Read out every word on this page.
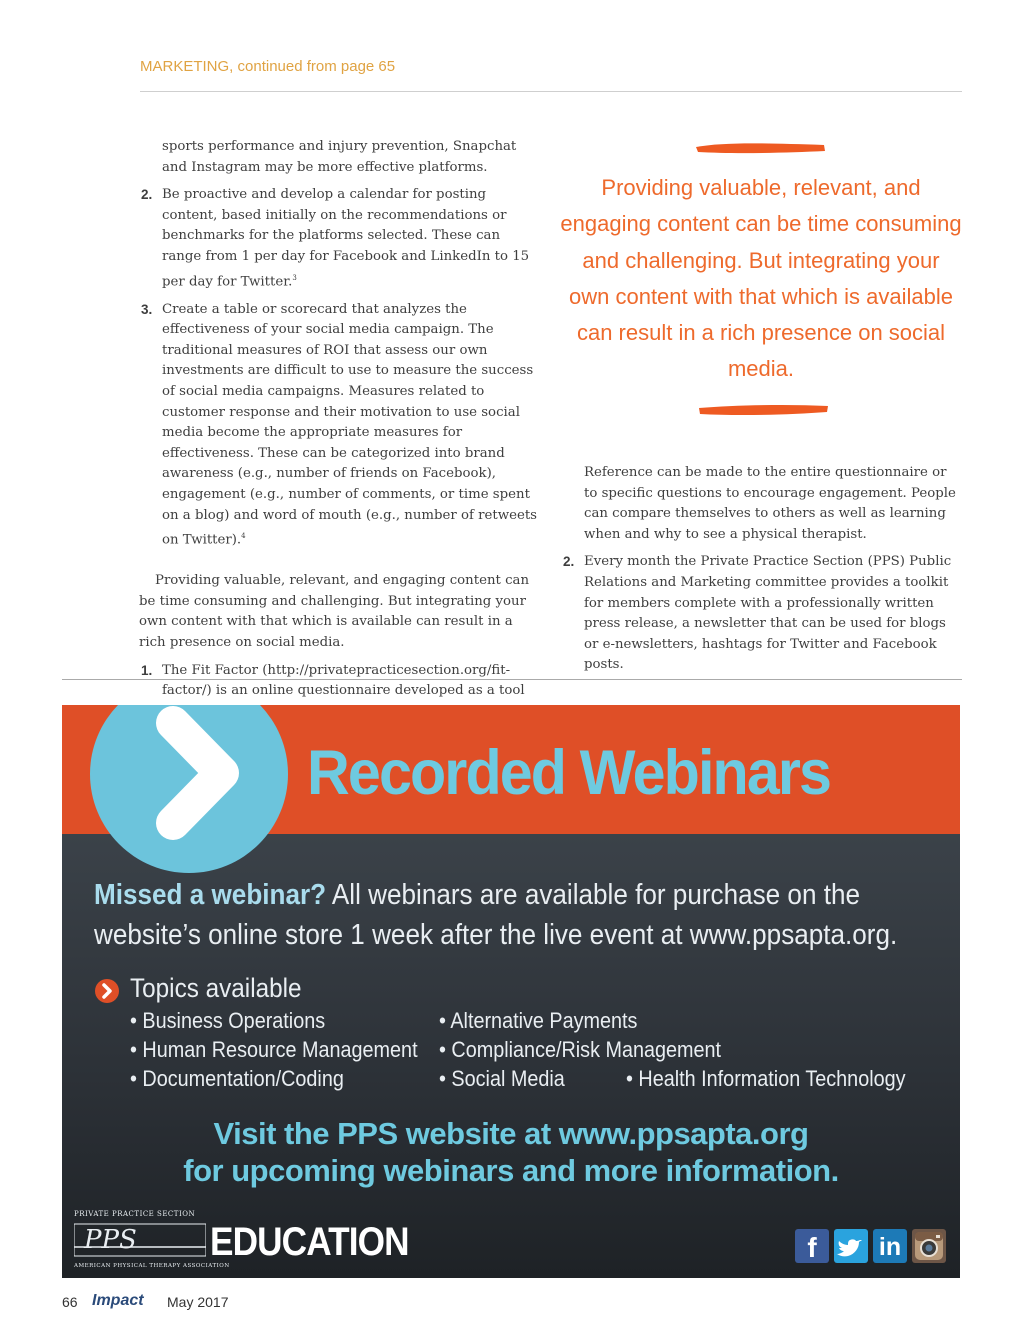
MARKETING, continued from page 65

sports performance and injury prevention, Snapchat and Instagram may be more effective platforms.

2. Be proactive and develop a calendar for posting content, based initially on the recommendations or benchmarks for the platforms selected. These can range from 1 per day for Facebook and LinkedIn to 15 per day for Twitter.$^3$
3. Create a table or scorecard that analyzes the effectiveness of your social media campaign. The traditional measures of ROI that assess our own investments are difficult to use to measure the success of social media campaigns. Measures related to customer response and their motivation to use social media become the appropriate measures for effectiveness. These can be categorized into brand awareness (e.g., number of friends on Facebook), engagement (e.g., number of comments, or time spent on a blog) and word of mouth (e.g., number of retweets on Twitter).$^4$

Providing valuable, relevant, and engaging content can be time consuming and challenging. But integrating your own content with that which is available can result in a rich presence on social media.

1. The Fit Factor (http://privatepracticesection.org/fit-factor/) is an online questionnaire developed as a tool
Providing valuable, relevant, and engaging content can be time consuming and challenging. But integrating your own content with that which is available can result in a rich presence on social media.

Reference can be made to the entire questionnaire or to specific questions to encourage engagement. People can compare themselves to others as well as learning when and why to see a physical therapist.

2. Every month the Private Practice Section (PPS) Public Relations and Marketing committee provides a toolkit for members complete with a professionally written press release, a newsletter that can be used for blogs or e-newsletters, hashtags for Twitter and Facebook posts.
Recorded Webinars
Missed a webinar? All webinars are available for purchase on the
website’s online store 1 week after the live event at www.ppsapta.org.
Topics available
• Business Operations
• Human Resource Management
• Documentation/Coding
• Alternative Payments
• Compliance/Risk Management
• Social Media	• Health Information Technology
Visit the PPS website at www.ppsapta.org
for upcoming webinars and more information.
PRIVATE PRACTICE SECTION
PPS
AMERICAN PHYSICAL THERAPY ASSOCIATION
EDUCATION	f	in
66 Impact May 2017
